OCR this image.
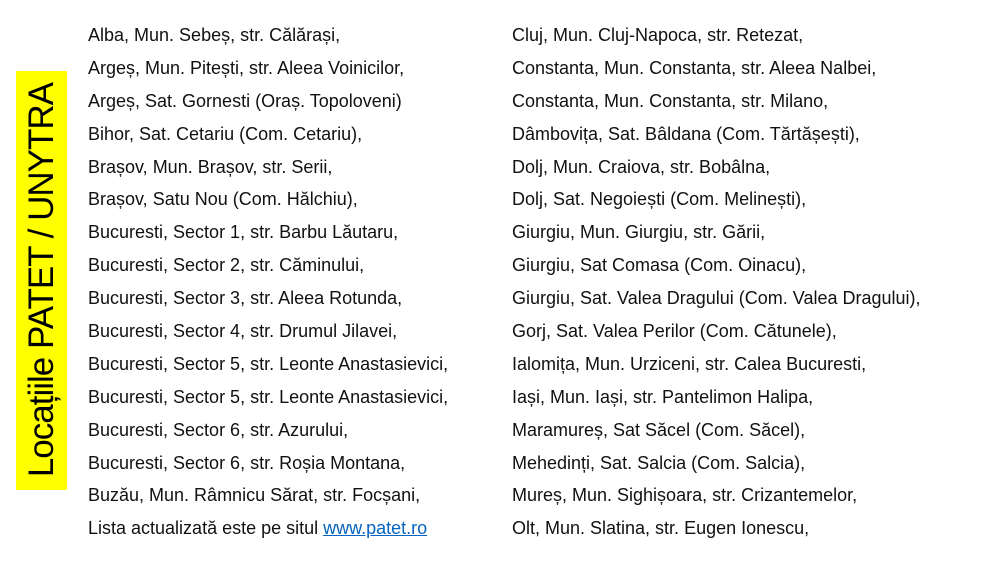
Locațiile PATET / UNYTRA
Alba, Mun. Sebeș, str. Călărași,
Argeș, Mun. Pitești, str. Aleea Voinicilor,
Argeș, Sat. Gornesti (Oraș. Topoloveni)
Bihor, Sat. Cetariu (Com. Cetariu),
Brașov, Mun. Brașov, str. Serii,
Brașov, Satu Nou (Com. Hălchiu),
Bucuresti, Sector 1, str. Barbu Lăutaru,
Bucuresti, Sector 2, str. Căminului,
Bucuresti, Sector 3, str. Aleea Rotunda,
Bucuresti, Sector 4, str. Drumul Jilavei,
Bucuresti, Sector 5, str. Leonte Anastasievici,
Bucuresti, Sector 5, str. Leonte Anastasievici,
Bucuresti, Sector 6, str. Azurului,
Bucuresti, Sector 6, str. Roșia Montana,
Buzău, Mun. Râmnicu Sărat, str. Focșani,
Lista actualizată este pe situl www.patet.ro
Cluj, Mun. Cluj-Napoca, str. Retezat,
Constanta, Mun. Constanta, str. Aleea Nalbei,
Constanta, Mun. Constanta, str. Milano,
Dâmbovița, Sat. Bâldana (Com. Tărtășești),
Dolj, Mun. Craiova, str. Bobâlna,
Dolj, Sat. Negoiești (Com. Melinești),
Giurgiu, Mun. Giurgiu, str. Gării,
Giurgiu, Sat Comasa (Com. Oinacu),
Giurgiu, Sat. Valea Dragului (Com. Valea Dragului),
Gorj, Sat. Valea Perilor (Com. Cătunele),
Ialomița, Mun. Urziceni, str. Calea Bucuresti,
Iași, Mun. Iași, str. Pantelimon Halipa,
Maramureș, Sat Săcel (Com. Săcel),
Mehedinți, Sat. Salcia (Com. Salcia),
Mureș, Mun. Sighișoara, str. Crizantemelor,
Olt, Mun. Slatina, str. Eugen Ionescu,
